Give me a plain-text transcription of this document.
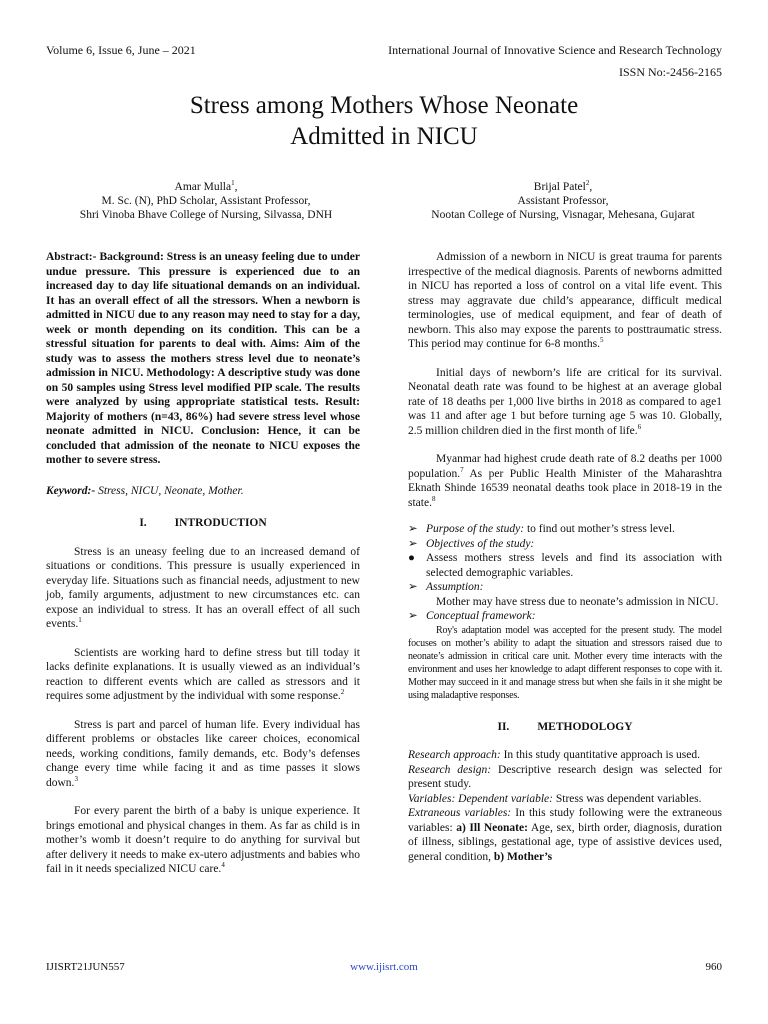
Volume 6, Issue 6, June – 2021	International Journal of Innovative Science and Research Technology
ISSN No:-2456-2165
Stress among Mothers Whose Neonate
Admitted in NICU
Amar Mulla$^1$,
M. Sc. (N), PhD Scholar, Assistant Professor,
Shri Vinoba Bhave College of Nursing, Silvassa, DNH
Brijal Patel$^2$,
Assistant Professor,
Nootan College of Nursing, Visnagar, Mehesana, Gujarat

Abstract:- Background: Stress is an uneasy feeling due to under undue pressure. This pressure is experienced due to an increased day to day life situational demands on an individual. It has an overall effect of all the stressors. When a newborn is admitted in NICU due to any reason may need to stay for a day, week or month depending on its condition. This can be a stressful situation for parents to deal with. Aims: Aim of the study was to assess the mothers stress level due to neonate’s admission in NICU. Methodology: A descriptive study was done on 50 samples using Stress level modified PIP scale. The results were analyzed by using appropriate statistical tests. Result: Majority of mothers (n=43, 86%) had severe stress level whose neonate admitted in NICU. Conclusion: Hence, it can be concluded that admission of the neonate to NICU exposes the mother to severe stress.

Keyword:- Stress, NICU, Neonate, Mother.

I. INTRODUCTION

Stress is an uneasy feeling due to an increased demand of situations or conditions. This pressure is usually experienced in everyday life. Situations such as financial needs, adjustment to new job, family arguments, adjustment to new circumstances etc. can expose an individual to stress. It has an overall effect of all such events.$^1$

Scientists are working hard to define stress but till today it lacks definite explanations. It is usually viewed as an individual’s reaction to different events which are called as stressors and it requires some adjustment by the individual with some response.$^2$

Stress is part and parcel of human life. Every individual has different problems or obstacles like career choices, economical needs, working conditions, family demands, etc. Body’s defenses change every time while facing it and as time passes it slows down.$^3$

For every parent the birth of a baby is unique experience. It brings emotional and physical changes in them. As far as child is in mother’s womb it doesn’t require to do anything for survival but after delivery it needs to make ex-utero adjustments and babies who fail in it needs specialized NICU care.$^4$

Admission of a newborn in NICU is great trauma for parents irrespective of the medical diagnosis. Parents of newborns admitted in NICU has reported a loss of control on a vital life event. This stress may aggravate due child’s appearance, difficult medical terminologies, use of medical equipment, and fear of death of newborn. This also may expose the parents to posttraumatic stress. This period may continue for 6-8 months.$^5$

Initial days of newborn’s life are critical for its survival. Neonatal death rate was found to be highest at an average global rate of 18 deaths per 1,000 live births in 2018 as compared to age1 was 11 and after age 1 but before turning age 5 was 10. Globally, 2.5 million children died in the first month of life.$^6$

Myanmar had highest crude death rate of 8.2 deaths per 1000 population.$^7$ As per Public Health Minister of the Maharashtra Eknath Shinde 16539 neonatal deaths took place in 2018-19 in the state.$^8$

➢ Purpose of the study: to find out mother’s stress level.

➢ Objectives of the study:

● Assess mothers stress levels and find its association with selected demographic variables.

➢ Assumption:

Mother may have stress due to neonate’s admission in NICU.

➢ Conceptual framework:

Roy's adaptation model was accepted for the present study. The model focuses on mother’s ability to adapt the situation and stressors raised due to neonate’s admission in critical care unit. Mother every time interacts with the environment and uses her knowledge to adapt different responses to cope with it. Mother may succeed in it and manage stress but when she fails in it she might be using maladaptive responses.

II. METHODOLOGY

Research approach: In this study quantitative approach is used.

Research design: Descriptive research design was selected for present study.

Variables: Dependent variable: Stress was dependent variables.

Extraneous variables: In this study following were the extraneous variables: a) Ill Neonate: Age, sex, birth order, diagnosis, duration of illness, siblings, gestational age, type of assistive devices used, general condition, b) Mother’s

IJISRT21JUN557	www.ijisrt.com	960
